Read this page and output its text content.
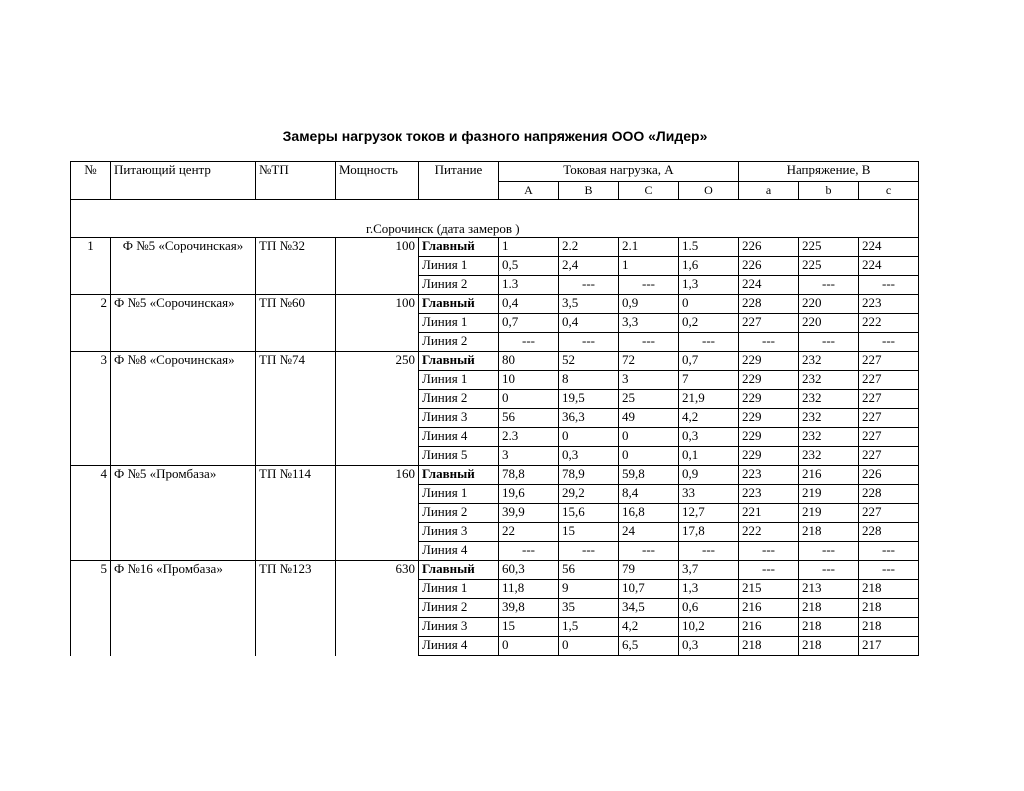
Замеры нагрузок токов и фазного напряжения ООО «Лидер»
№	Питающий центр	№ТП	Мощность	Питание	Токовая нагрузка, А				Напряжение, В		
					A	B	C	O	a	b	c
г.Сорочинск (дата замеров )											
1	Ф №5 «Сорочинская»	ТП №32	100	Главный	1	2.2	2.1	1.5	226	225	224
				Линия 1	0,5	2,4	1	1,6	226	225	224
				Линия 2	1.3	---	---	1,3	224	---	---
2	Ф №5 «Сорочинская»	ТП №60	100	Главный	0,4	3,5	0,9	0	228	220	223
				Линия 1	0,7	0,4	3,3	0,2	227	220	222
				Линия 2	---	---	---	---	---	---	---
3	Ф №8 «Сорочинская»	ТП №74	250	Главный	80	52	72	0,7	229	232	227
				Линия 1	10	8	3	7	229	232	227
				Линия 2	0	19,5	25	21,9	229	232	227
				Линия 3	56	36,3	49	4,2	229	232	227
				Линия 4	2.3	0	0	0,3	229	232	227
				Линия 5	3	0,3	0	0,1	229	232	227
4	Ф №5 «Промбаза»	ТП №114	160	Главный	78,8	78,9	59,8	0,9	223	216	226
				Линия 1	19,6	29,2	8,4	33	223	219	228
				Линия 2	39,9	15,6	16,8	12,7	221	219	227
				Линия 3	22	15	24	17,8	222	218	228
				Линия 4	---	---	---	---	---	---	---
5	Ф №16 «Промбаза»	ТП №123	630	Главный	60,3	56	79	3,7	---	---	---
				Линия 1	11,8	9	10,7	1,3	215	213	218
				Линия 2	39,8	35	34,5	0,6	216	218	218
				Линия 3	15	1,5	4,2	10,2	216	218	218
				Линия 4	0	0	6,5	0,3	218	218	217
